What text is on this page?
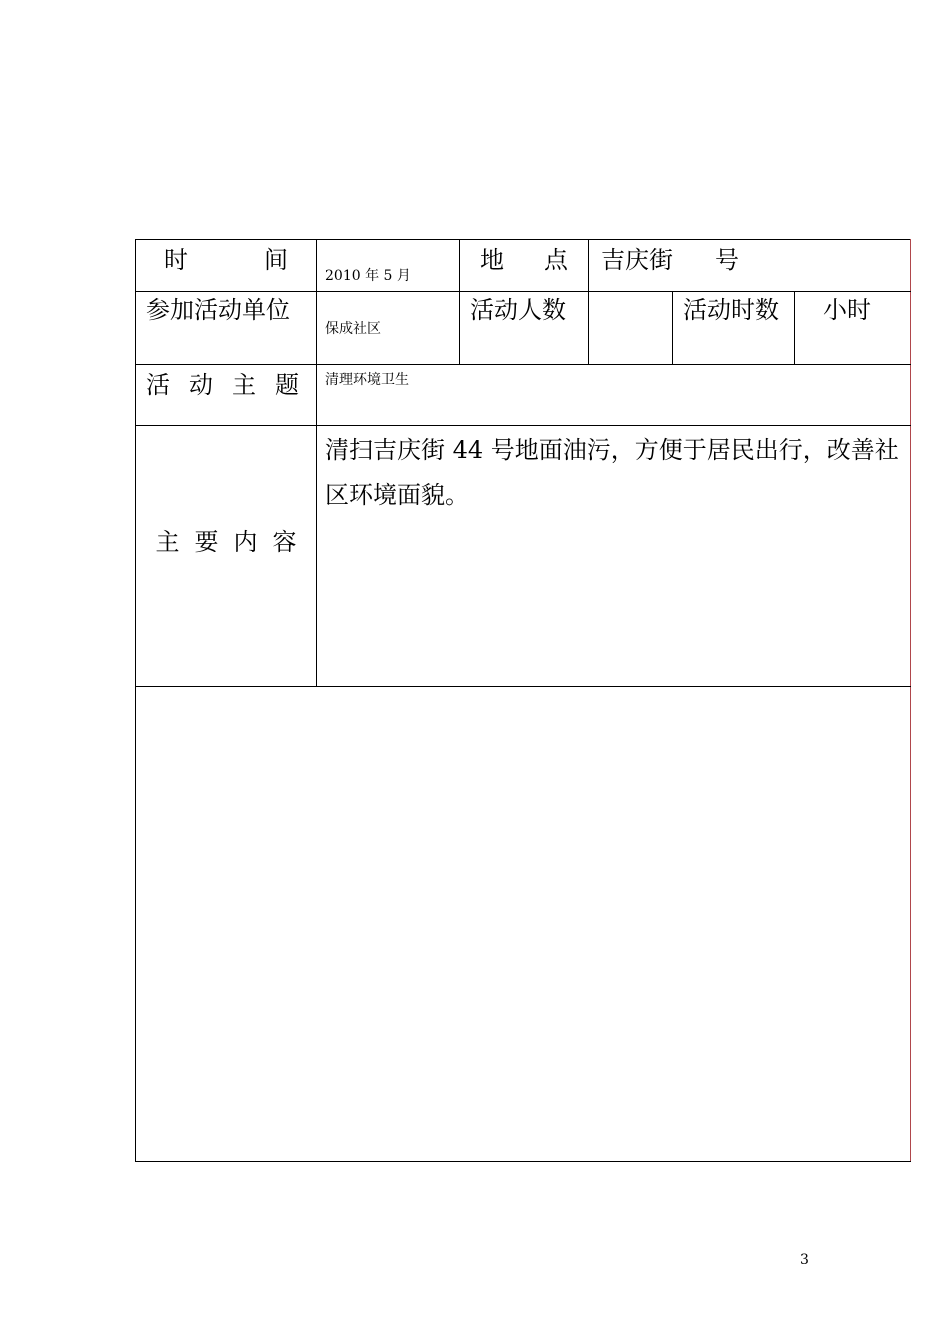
时 间	2010 年 5 月	地 点	吉庆街 号		

参加活动单位	保成社区	活动人数		活动时数	小时

活 动 主 题	清理环境卫生				

主 要 内 容	清扫吉庆街 44 号地面油污，方便于居民出行，改善社区环境面貌。				

3
